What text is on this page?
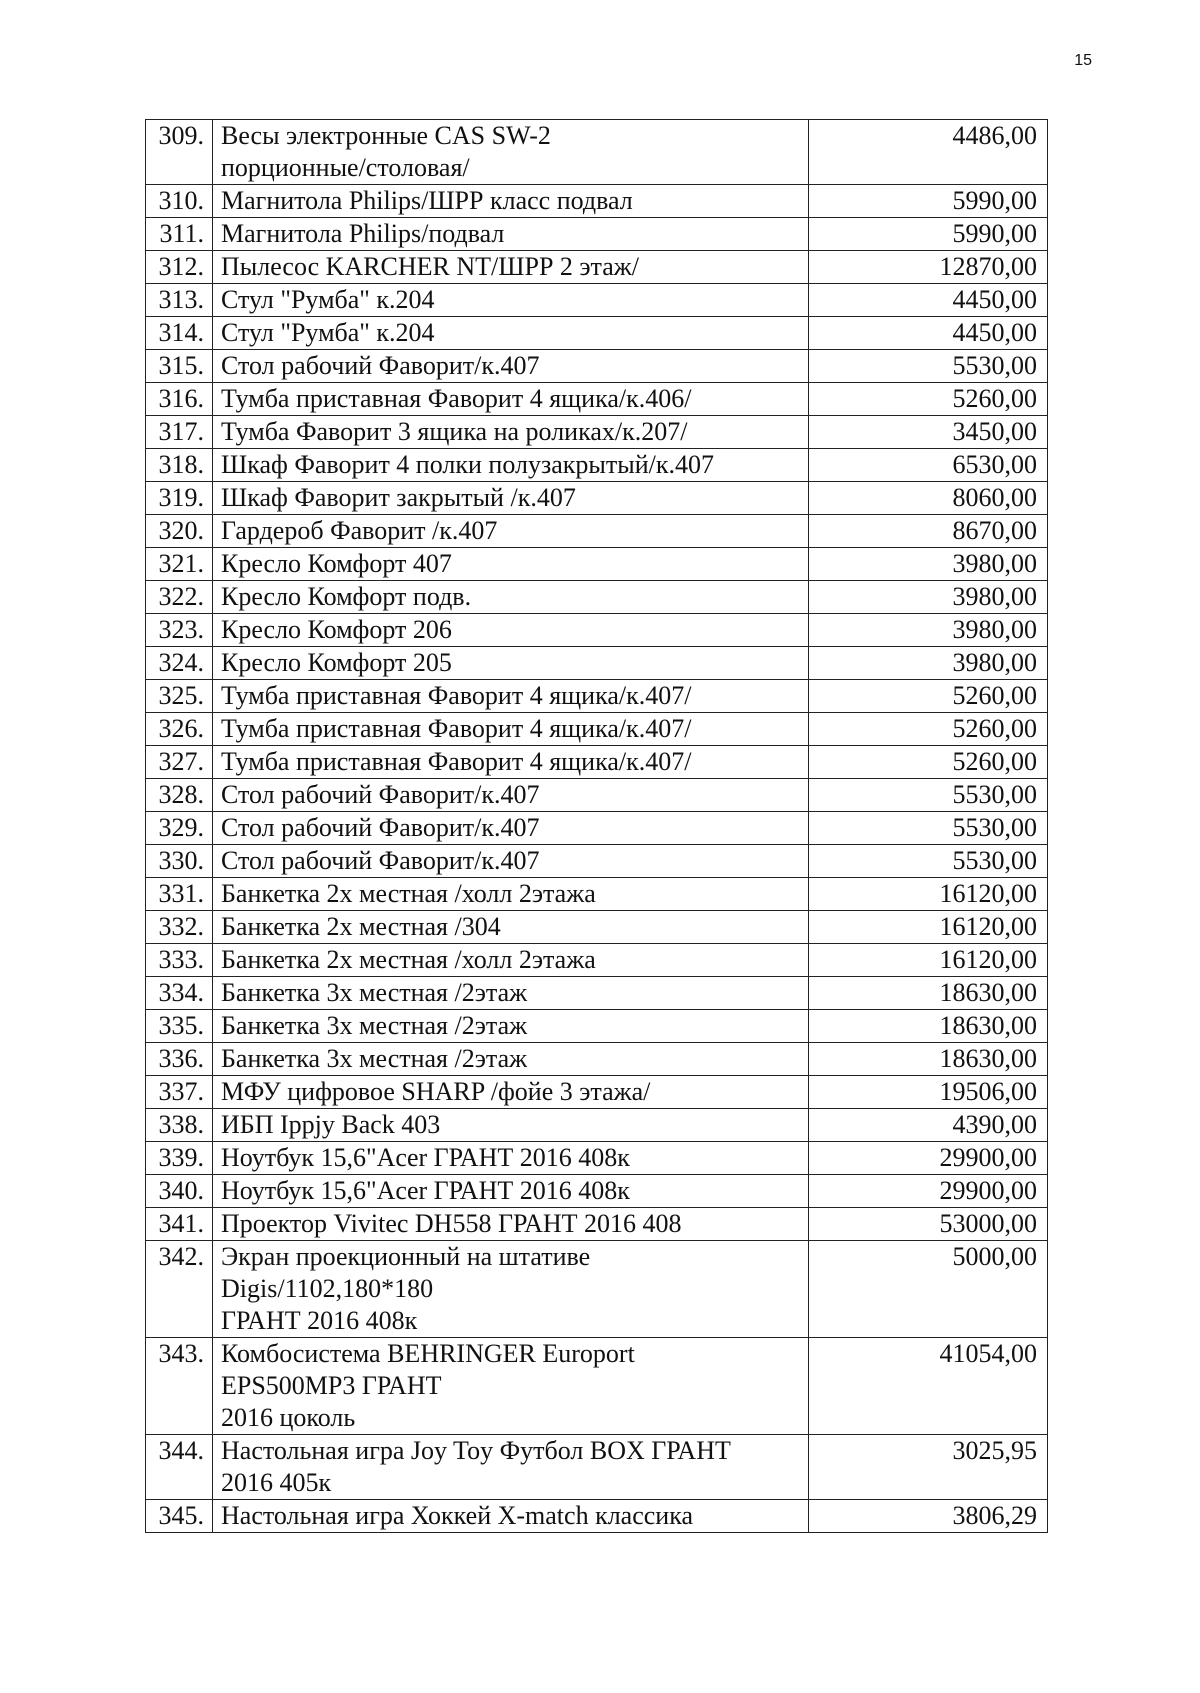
15
309.	Весы электронные CAS SW-2
порционные/столовая/	4486,00
310.	Магнитола Philips/ШРР класс подвал	5990,00
311.	Магнитола Philips/подвал	5990,00
312.	Пылесос KARCHER NT/ШРР 2 этаж/	12870,00
313.	Стул "Румба" к.204	4450,00
314.	Стул "Румба" к.204	4450,00
315.	Стол рабочий Фаворит/к.407	5530,00
316.	Тумба приставная Фаворит 4 ящика/к.406/	5260,00
317.	Тумба Фаворит 3 ящика на роликах/к.207/	3450,00
318.	Шкаф Фаворит 4 полки полузакрытый/к.407	6530,00
319.	Шкаф Фаворит закрытый /к.407	8060,00
320.	Гардероб Фаворит /к.407	8670,00
321.	Кресло Комфорт 407	3980,00
322.	Кресло Комфорт подв.	3980,00
323.	Кресло Комфорт 206	3980,00
324.	Кресло Комфорт 205	3980,00
325.	Тумба приставная Фаворит 4 ящика/к.407/	5260,00
326.	Тумба приставная Фаворит 4 ящика/к.407/	5260,00
327.	Тумба приставная Фаворит 4 ящика/к.407/	5260,00
328.	Стол рабочий Фаворит/к.407	5530,00
329.	Стол рабочий Фаворит/к.407	5530,00
330.	Стол рабочий Фаворит/к.407	5530,00
331.	Банкетка 2х местная /холл 2этажа	16120,00
332.	Банкетка 2х местная /304	16120,00
333.	Банкетка 2х местная /холл 2этажа	16120,00
334.	Банкетка 3х местная /2этаж	18630,00
335.	Банкетка 3х местная /2этаж	18630,00
336.	Банкетка 3х местная /2этаж	18630,00
337.	МФУ цифровое SHARP /фойе 3 этажа/	19506,00
338.	ИБП Ippjy Back 403	4390,00
339.	Ноутбук 15,6"Acer ГРАНТ 2016 408к	29900,00
340.	Ноутбук 15,6"Acer ГРАНТ 2016 408к	29900,00
341.	Проектор Vivitec DH558 ГРАНТ 2016 408	53000,00
342.	Экран проекционный на штативе
Digis/1102,180*180
ГРАНТ 2016 408к	5000,00
343.	Комбосистема BEHRINGER Europort
EPS500MP3 ГРАНТ
2016 цоколь	41054,00
344.	Настольная игра Joy Toy Футбол BOX ГРАНТ
2016 405к	3025,95
345.	Настольная игра Хоккей X-match классика	3806,29
